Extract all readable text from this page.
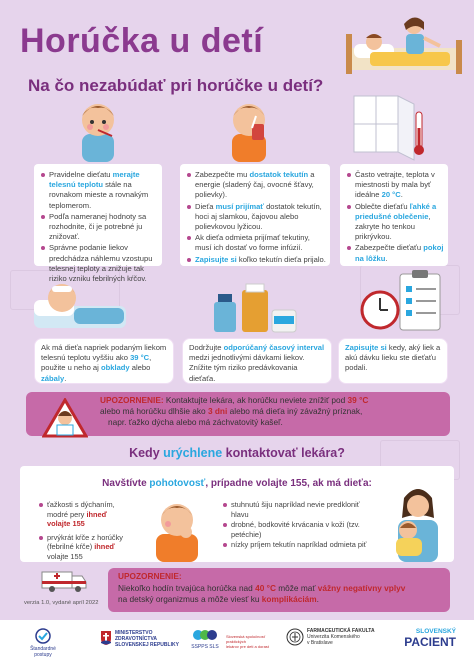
Horúčka u detí
Na čo nezabúdať pri horúčke u detí?
Pravidelne dieťatu merajte telesnú teplotu stále na rovnakom mieste a rovnakým teplomerom.
Podľa nameranej hodnoty sa rozhodnite, či je potrebné ju znižovať.
Správne podanie liekov predchádza náhlemu vzostupu telesnej teploty a znižuje tak riziko vzniku febrilných kŕčov.
Zabezpečte mu dostatok tekutín a energie (sladený čaj, ovocné šťavy, polievky).
Dieťa musí prijímať dostatok tekutín, hoci aj slamkou, čajovou alebo polievkovou lyžicou.
Ak dieťa odmieta prijímať tekutiny, musí ich dostať vo forme infúzií.
Zapisujte si koľko tekutín dieťa prijalo.
Často vetrajte, teplota v miestnosti by mala byť ideálne 20 °C.
Oblečte dieťaťu ľahké a priedušné oblečenie, zakryte ho tenkou prikrývkou.
Zabezpečte dieťaťu pokoj na lôžku.
Ak má dieťa napriek podaným liekom telesnú teplotu vyššiu ako 39 °C, použite u neho aj obklady alebo zábaly.
Dodržujte odporúčaný časový interval medzi jednotlivými dávkami liekov. Znížite tým riziko predávkovania dieťaťa.
Zapisujte si kedy, aký liek a akú dávku lieku ste dieťaťu podali.
UPOZORNENIE: Kontaktujte lekára, ak horúčku neviete znížiť pod 39 °C
alebo má horúčku dlhšie ako 3 dni alebo má dieťa iný závažný príznak,
napr. ťažko dýcha alebo má záchvatovitý kašeľ.
Kedy urýchlene kontaktovať lekára?
Navštívte pohotovosť, prípadne volajte 155, ak má dieťa:
ťažkosti s dýchaním, modré pery ihneď volajte 155
prvýkrát kŕče z horúčky (febrilné kŕče) ihneď volajte 155
stuhnutú šiju napríklad nevie predkloniť hlavu
drobné, bodkovité krvácania v koži (tzv. petéchie)
nízky príjem tekutín napríklad odmieta piť
verzia 1.0, vydané apríl 2022
UPOZORNENIE:
Niekoľko hodín trvajúca horúčka nad 40 °C môže mať vážny negatívny vplyv
na detský organizmus a môže viesť ku komplikáciám.
Štandardné postupy
MINISTERSTVO
ZDRAVOTNÍCTVA
SLOVENSKEJ REPUBLIKY	SSPPS SLS
Slovenská spoločnosť praktických
lekárov pre deti a dorast
FARMACEUTICKÁ FAKULTA
Univerzita Komenského
v Bratislave
SLOVENSKÝ
PACIENT
